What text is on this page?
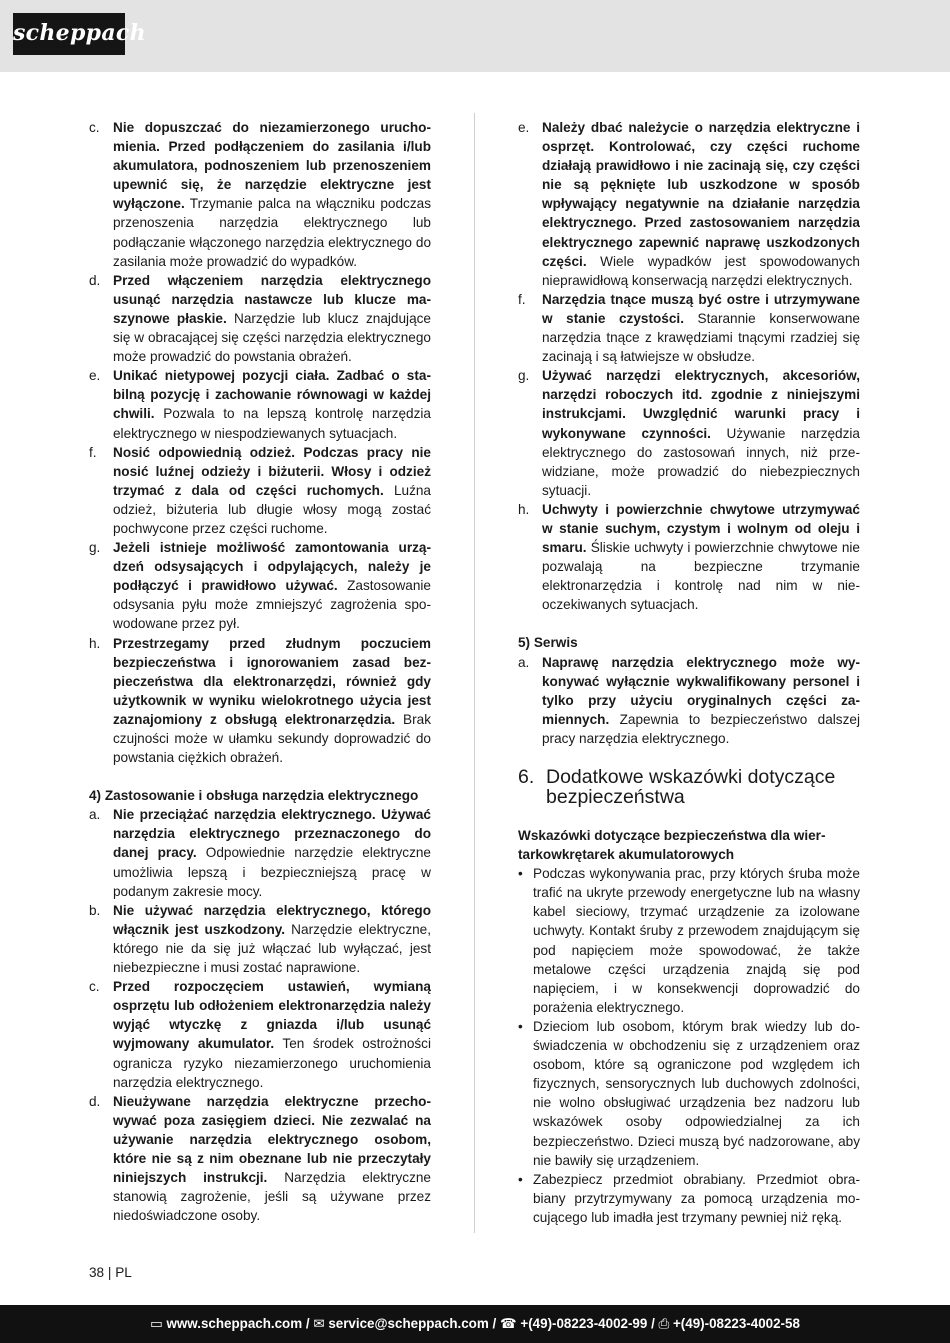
scheppach
c. Nie dopuszczać do niezamierzonego uruchomienia. Przed podłączeniem do zasilania i/lub akumulatora, podnoszeniem lub przenoszeniem upewnić się, że narzędzie elektryczne jest wyłączone. Trzymanie palca na włączniku podczas przenoszenia narzędzia elektrycznego lub podłączanie włączonego narzędzia elektrycznego do zasilania może prowadzić do wypadków.
d. Przed włączeniem narzędzia elektrycznego usunąć narzędzia nastawcze lub klucze maszynowe płaskie. Narzędzie lub klucz znajdujące się w obracającej się części narzędzia elektrycznego może prowadzić do powstania obrażeń.
e. Unikać nietypowej pozycji ciała. Zadbać o stabilną pozycję i zachowanie równowagi w każdej chwili. Pozwala to na lepszą kontrolę narzędzia elektrycznego w niespodziewanych sytuacjach.
f. Nosić odpowiednią odzież. Podczas pracy nie nosić luźnej odzieży i biżuterii. Włosy i odzież trzymać z dala od części ruchomych. Luźna odzież, biżuteria lub długie włosy mogą zostać pochwycone przez części ruchome.
g. Jeżeli istnieje możliwość zamontowania urządzeń odsysających i odpylających, należy je podłączyć i prawidłowo używać. Zastosowanie odsysania pyłu może zmniejszyć zagrożenia spowodowane przez pył.
h. Przestrzegamy przed złudnym poczuciem bezpieczeństwa i ignorowaniem zasad bezpieczeństwa dla elektronarzędzi, również gdy użytkownik w wyniku wielokrotnego użycia jest zaznajomiony z obsługą elektronarzędzia. Brak czujności może w ułamku sekundy doprowadzić do powstania ciężkich obrażeń.
4) Zastosowanie i obsługa narzędzia elektrycznego
a. Nie przeciążać narzędzia elektrycznego. Używać narzędzia elektrycznego przeznaczonego do danej pracy. Odpowiednie narzędzie elektryczne umożliwia lepszą i bezpieczniejszą pracę w podanym zakresie mocy.
b. Nie używać narzędzia elektrycznego, którego włącznik jest uszkodzony. Narzędzie elektryczne, którego nie da się już włączać lub wyłączać, jest niebezpieczne i musi zostać naprawione.
c. Przed rozpoczęciem ustawień, wymianą osprzętu lub odłożeniem elektronarzędzia należy wyjąć wtyczkę z gniazda i/lub usunąć wyjmowany akumulator. Ten środek ostrożności ogranicza ryzyko niezamierzonego uruchomienia narzędzia elektrycznego.
d. Nieużywane narzędzia elektryczne przechowywać poza zasięgiem dzieci. Nie zezwalać na używanie narzędzia elektrycznego osobom, które nie są z nim obeznane lub nie przeczytały niniejszych instrukcji. Narzędzia elektryczne stanowią zagrożenie, jeśli są używane przez niedoświadczone osoby.
e. Należy dbać należycie o narzędzia elektryczne i osprzęt. Kontrolować, czy części ruchome działają prawidłowo i nie zacinają się, czy części nie są pęknięte lub uszkodzone w sposób wpływający negatywnie na działanie narzędzia elektrycznego. Przed zastosowaniem narzędzia elektrycznego zapewnić naprawę uszkodzonych części. Wiele wypadków jest spowodowanych nieprawidłową konserwacją narzędzi elektrycznych.
f. Narzędzia tnące muszą być ostre i utrzymywane w stanie czystości. Starannie konserwowane narzędzia tnące z krawędziami tnącymi rzadziej się zacinają i są łatwiejsze w obsłudze.
g. Używać narzędzi elektrycznych, akcesoriów, narzędzi roboczych itd. zgodnie z niniejszymi instrukcjami. Uwzględnić warunki pracy i wykonywane czynności. Używanie narzędzia elektrycznego do zastosowań innych, niż przewidziane, może prowadzić do niebezpiecznych sytuacji.
h. Uchwyty i powierzchnie chwytowe utrzymywać w stanie suchym, czystym i wolnym od oleju i smaru. Śliskie uchwyty i powierzchnie chwytowe nie pozwalają na bezpieczne trzymanie elektronarzędzia i kontrolę nad nim w nieoczekiwanych sytuacjach.
5) Serwis
a. Naprawę narzędzia elektrycznego może wykonywać wyłącznie wykwalifikowany personel i tylko przy użyciu oryginalnych części zamiennych. Zapewnia to bezpieczeństwo dalszej pracy narzędzia elektrycznego.
6. Dodatkowe wskazówki dotyczące bezpieczeństwa
Wskazówki dotyczące bezpieczeństwa dla wiertarkowkrętarek akumulatorowych
• Podczas wykonywania prac, przy których śruba może trafić na ukryte przewody energetyczne lub na własny kabel sieciowy, trzymać urządzenie za izolowane uchwyty. Kontakt śruby z przewodem znajdującym się pod napięciem może spowodować, że także metalowe części urządzenia znajdą się pod napięciem, i w konsekwencji doprowadzić do porażenia elektrycznego.
• Dzieciom lub osobom, którym brak wiedzy lub doświadczenia w obchodzeniu się z urządzeniem oraz osobom, które są ograniczone pod względem ich fizycznych, sensorycznych lub duchowych zdolności, nie wolno obsługiwać urządzenia bez nadzoru lub wskazówek osoby odpowiedzialnej za ich bezpieczeństwo. Dzieci muszą być nadzorowane, aby nie bawiły się urządzeniem.
• Zabezpiecz przedmiot obrabiany. Przedmiot obrabiany przytrzymywany za pomocą urządzenia mocującego lub imadła jest trzymany pewniej niż ręką.
38 | PL
▭ www.scheppach.com / ✉ service@scheppach.com / ☎ +(49)-08223-4002-99 / ⎙ +(49)-08223-4002-58
